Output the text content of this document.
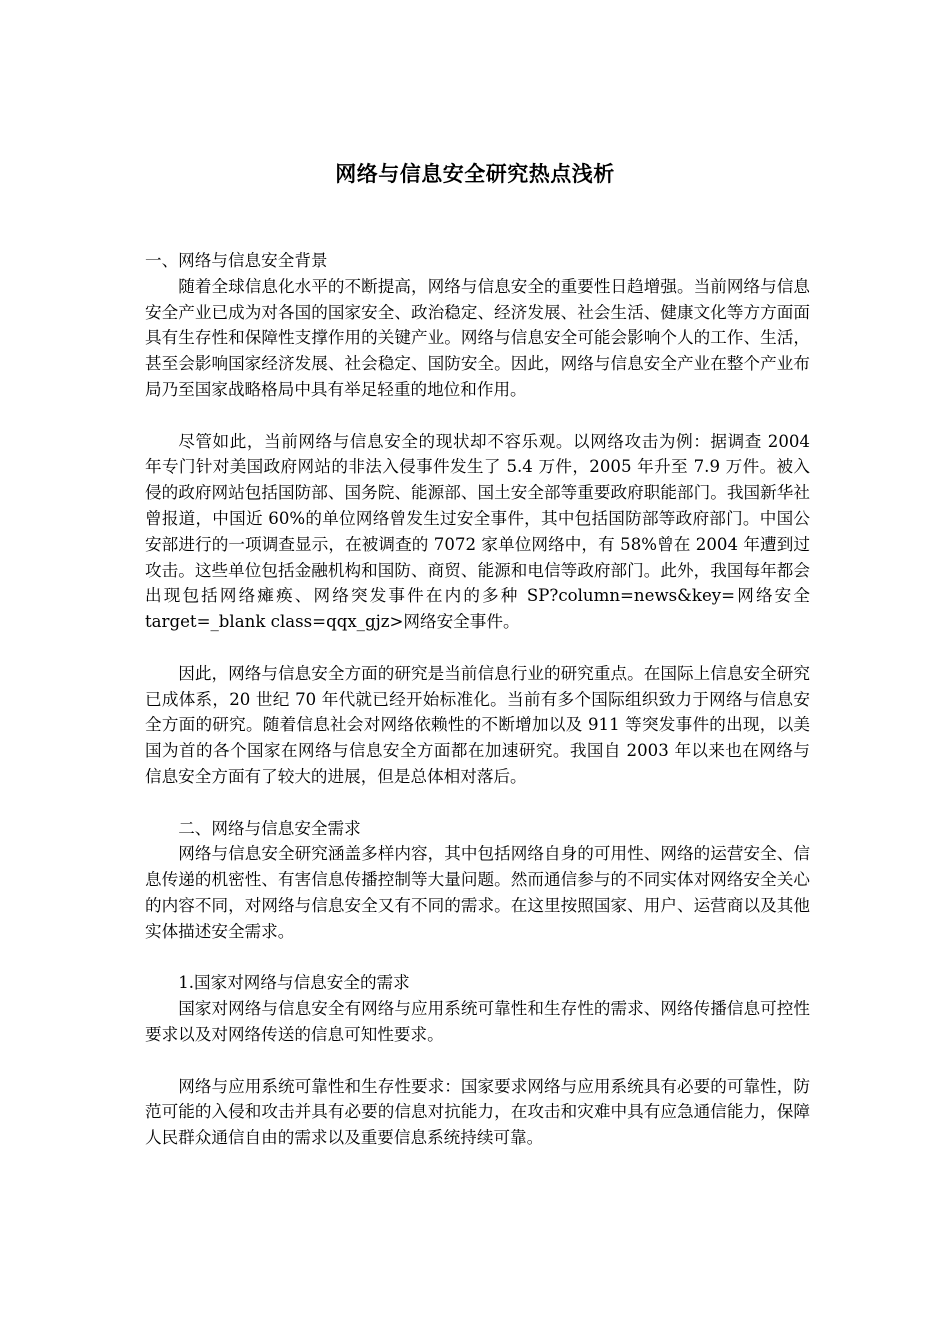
网络与信息安全研究热点浅析

一、网络与信息安全背景

随着全球信息化水平的不断提高，网络与信息安全的重要性日趋增强。当前网络与信息安全产业已成为对各国的国家安全、政治稳定、经济发展、社会生活、健康文化等方方面面具有生存性和保障性支撑作用的关键产业。网络与信息安全可能会影响个人的工作、生活，甚至会影响国家经济发展、社会稳定、国防安全。因此，网络与信息安全产业在整个产业布局乃至国家战略格局中具有举足轻重的地位和作用。

尽管如此，当前网络与信息安全的现状却不容乐观。以网络攻击为例：据调查 2004 年专门针对美国政府网站的非法入侵事件发生了 5.4 万件，2005 年升至 7.9 万件。被入侵的政府网站包括国防部、国务院、能源部、国土安全部等重要政府职能部门。我国新华社曾报道，中国近 60%的单位网络曾发生过安全事件，其中包括国防部等政府部门。中国公安部进行的一项调查显示，在被调查的 7072 家单位网络中，有 58%曾在 2004 年遭到过攻击。这些单位包括金融机构和国防、商贸、能源和电信等政府部门。此外，我国每年都会出现包括网络瘫痪、网络突发事件在内的多种 SP?column=news&key=网络安全 target=_blank class=qqx_gjz>网络安全事件。

因此，网络与信息安全方面的研究是当前信息行业的研究重点。在国际上信息安全研究已成体系，20 世纪 70 年代就已经开始标准化。当前有多个国际组织致力于网络与信息安全方面的研究。随着信息社会对网络依赖性的不断增加以及 911 等突发事件的出现，以美国为首的各个国家在网络与信息安全方面都在加速研究。我国自 2003 年以来也在网络与信息安全方面有了较大的进展，但是总体相对落后。

二、网络与信息安全需求

网络与信息安全研究涵盖多样内容，其中包括网络自身的可用性、网络的运营安全、信息传递的机密性、有害信息传播控制等大量问题。然而通信参与的不同实体对网络安全关心的内容不同，对网络与信息安全又有不同的需求。在这里按照国家、用户、运营商以及其他实体描述安全需求。

1.国家对网络与信息安全的需求

国家对网络与信息安全有网络与应用系统可靠性和生存性的需求、网络传播信息可控性要求以及对网络传送的信息可知性要求。

网络与应用系统可靠性和生存性要求：国家要求网络与应用系统具有必要的可靠性，防范可能的入侵和攻击并具有必要的信息对抗能力，在攻击和灾难中具有应急通信能力，保障人民群众通信自由的需求以及重要信息系统持续可靠。
